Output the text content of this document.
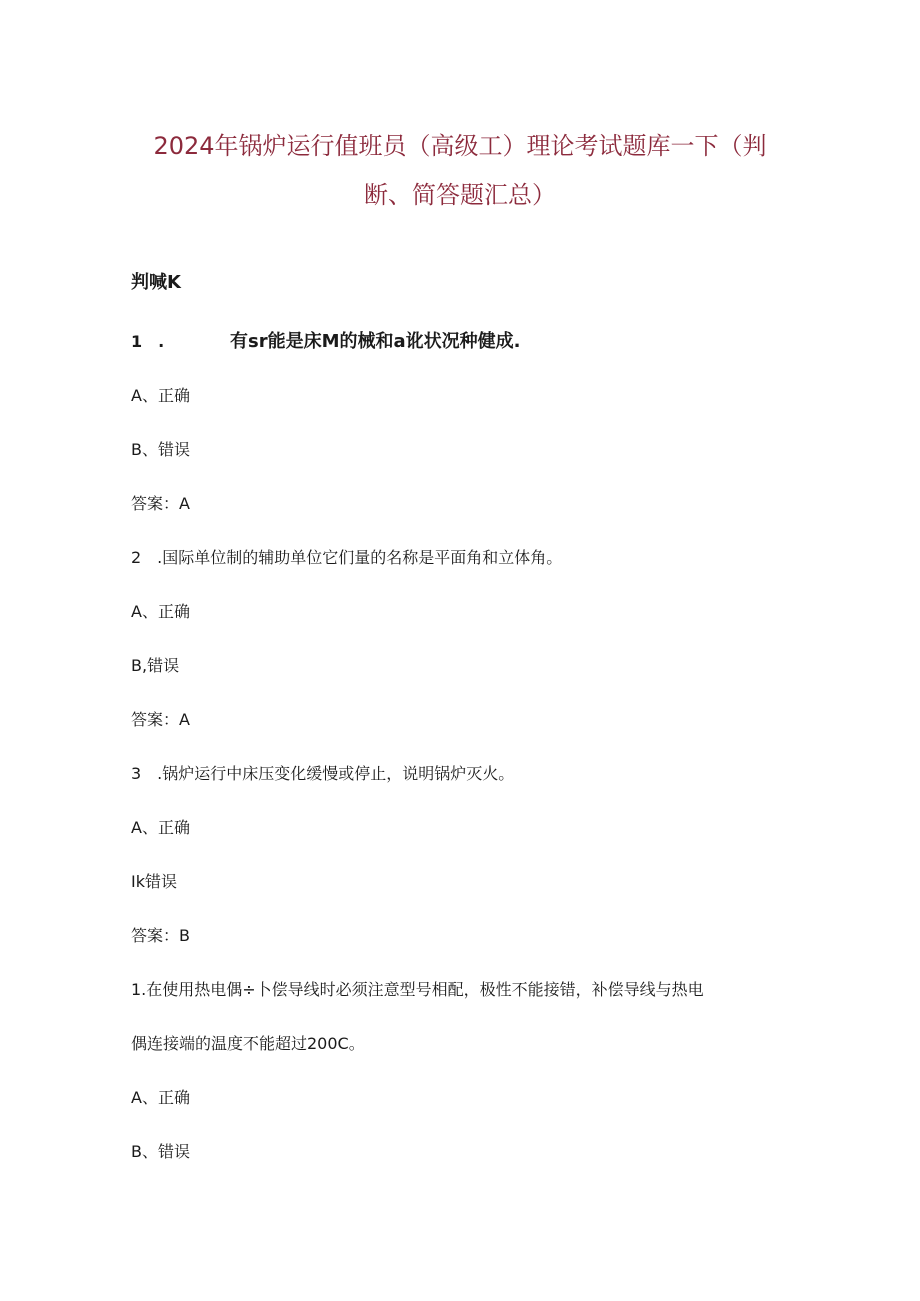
2024年锅炉运行值班员（高级工）理论考试题库一下（判
断、简答题汇总）
判喊K
1　.	有sr能是床M的械和a讹状况种健成.
A、正确
B、错误
答案：A
2　.国际单位制的辅助单位它们量的名称是平面角和立体角。
A、正确
B,错误
答案：A
3　.锅炉运行中床压变化缓慢或停止，说明锅炉灭火。
A、正确
Ik错误
答案：B
1.在使用热电偶÷卜偿导线时必须注意型号相配，极性不能接错，补偿导线与热电
偶连接端的温度不能超过200C。
A、正确
B、错误
